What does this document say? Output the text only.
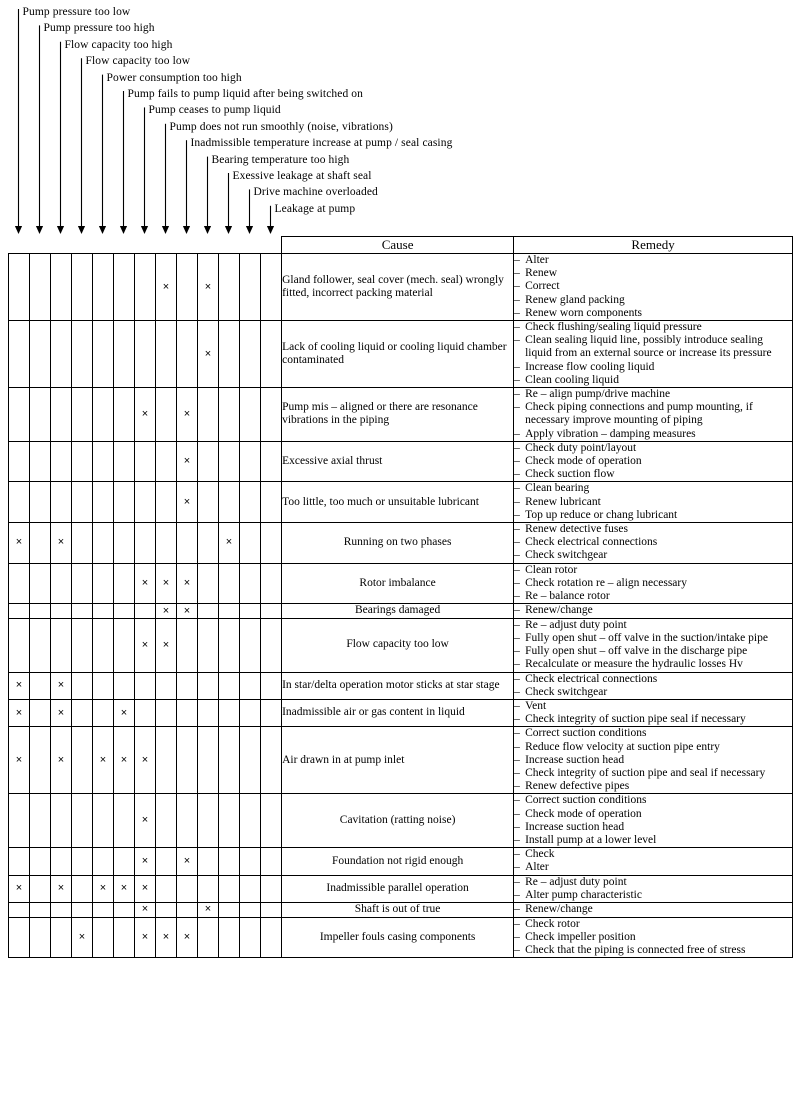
Pump pressure too low
Pump pressure too high
Flow capacity too high
Flow capacity too low
Power consumption too high
Pump fails to pump liquid after being switched on
Pump ceases to pump liquid
Pump does not run smoothly (noise, vibrations)
Inadmissible temperature increase at pump / seal casing
Bearing temperature too high
Exessive leakage at shaft seal
Drive machine overloaded
Leakage at pump
													Cause	Remedy
							×		×				Gland follower, seal cover (mech. seal) wrongly fitted, incorrect packing material	
– Alter
– Renew
– Correct
– Renew gland packing
– Renew worn components

									×				Lack of cooling liquid or cooling liquid chamber contaminated	
– Check flushing/sealing liquid pressure
– Clean sealing liquid line, possibly introduce sealing liquid from an external source or increase its pressure
– Increase flow cooling liquid
– Clean cooling liquid

						×		×					Pump mis – aligned or there are resonance vibrations in the piping	
– Re – align pump/drive machine
– Check piping connections and pump mounting, if necessary improve mounting of piping
– Apply vibration – damping measures

								×					Excessive axial thrust	
– Check duty point/layout
– Check mode of operation
– Check suction flow

								×					Too little, too much or unsuitable lubricant	
– Clean bearing
– Renew lubricant
– Top up reduce or chang lubricant

×		×								×			Running on two phases	
– Renew detective fuses
– Check electrical connections
– Check switchgear

						×	×	×					Rotor imbalance	
– Clean rotor
– Check rotation re – align necessary
– Re – balance rotor

							×	×					Bearings damaged	
–Renew/change

						×	×						Flow capacity too low	
– Re – adjust duty point
– Fully open shut – off valve in the suction/intake pipe
– Fully open shut – off valve in the discharge pipe
– Recalculate or measure the hydraulic losses Hv

×		×											In star/delta operation motor sticks at star stage	
– Check electrical connections
– Check switchgear

×		×			×								Inadmissible air or gas content in liquid	
– Vent
– Check integrity of suction pipe seal if necessary

×		×		×	×	×							Air drawn in at pump inlet	
– Correct suction conditions
– Reduce flow velocity at suction pipe entry
– Increase suction head
– Check integrity of suction pipe and seal if necessary
– Renew defective pipes

						×							Cavitation (ratting noise)	
– Correct suction conditions
– Check mode of operation
– Increase suction head
– Install pump at a lower level

						×		×					Foundation not rigid enough	
– Check
– Alter

×		×		×	×	×							Inadmissible parallel operation	
– Re – adjust duty point
– Alter pump characteristic

						×			×				Shaft is out of true	
–Renew/change

			×			×	×	×					Impeller fouls casing components	
– Check rotor
– Check impeller position
– Check that the piping is connected free of stress
